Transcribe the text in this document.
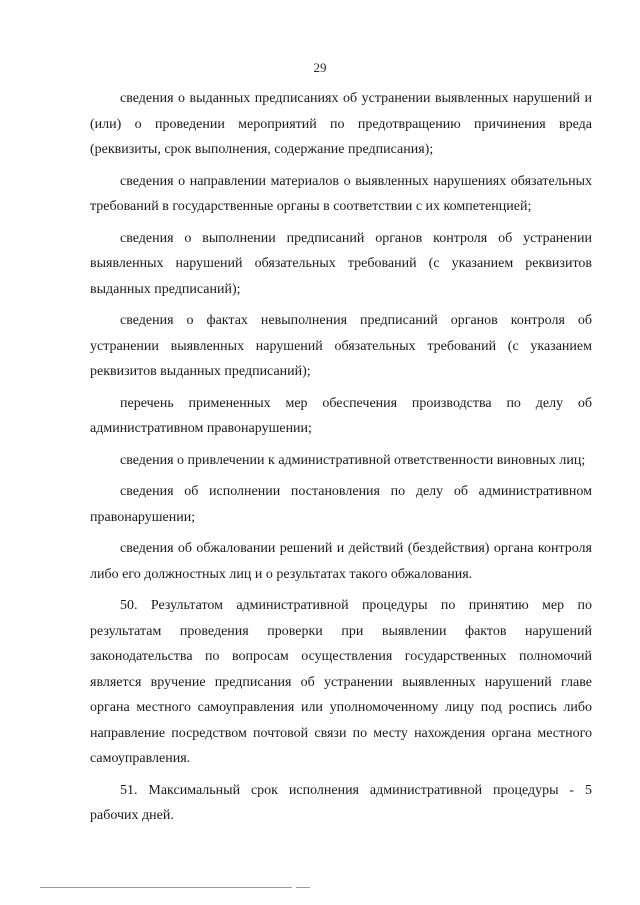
29

сведения о выданных предписаниях об устранении выявленных нарушений и (или) о проведении мероприятий по предотвращению причинения вреда (реквизиты, срок выполнения, содержание предписания);

сведения о направлении материалов о выявленных нарушениях обязательных требований в государственные органы в соответствии с их компетенцией;

сведения о выполнении предписаний органов контроля об устранении выявленных нарушений обязательных требований (с указанием реквизитов выданных предписаний);

сведения о фактах невыполнения предписаний органов контроля об устранении выявленных нарушений обязательных требований (с указанием реквизитов выданных предписаний);

перечень примененных мер обеспечения производства по делу об административном правонарушении;

сведения о привлечении к административной ответственности виновных лиц;

сведения об исполнении постановления по делу об административном правонарушении;

сведения об обжаловании решений и действий (бездействия) органа контроля либо его должностных лиц и о результатах такого обжалования.

50. Результатом административной процедуры по принятию мер по результатам проведения проверки при выявлении фактов нарушений законодательства по вопросам осуществления государственных полномочий является вручение предписания об устранении выявленных нарушений главе органа местного самоуправления или уполномоченному лицу под роспись либо направление посредством почтовой связи по месту нахождения органа местного самоуправления.

51. Максимальный срок исполнения административной процедуры - 5 рабочих дней.
